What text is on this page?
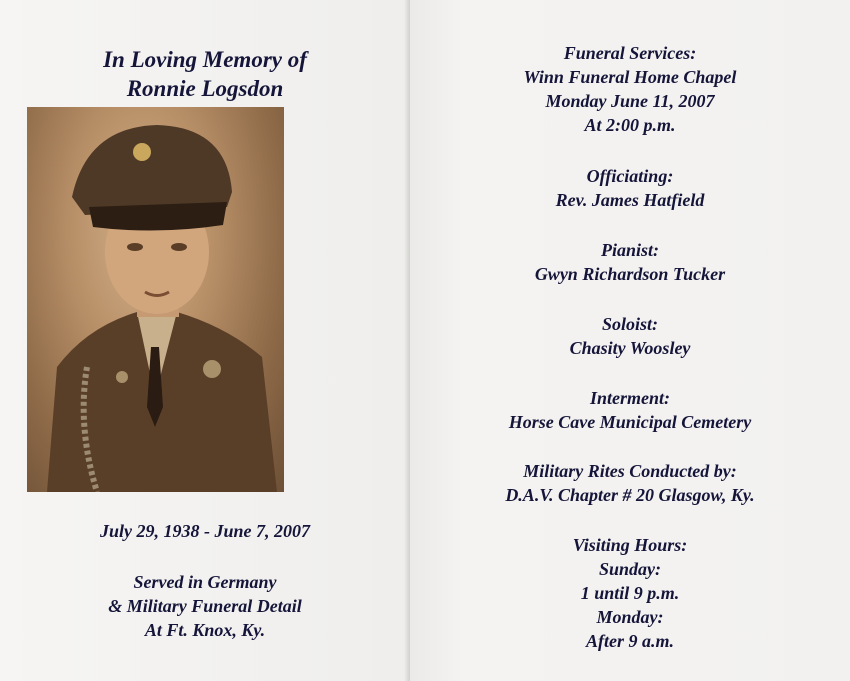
In Loving Memory of

Ronnie Logsdon

July 29, 1938 - June 7, 2007

Served in Germany

& Military Funeral Detail

At Ft. Knox, Ky.

Funeral Services:

Winn Funeral Home Chapel

Monday June 11, 2007

At 2:00 p.m.

Officiating:

Rev. James Hatfield

Pianist:

Gwyn Richardson Tucker

Soloist:

Chasity Woosley

Interment:

Horse Cave Municipal Cemetery

Military Rites Conducted by:

D.A.V. Chapter # 20 Glasgow, Ky.

Visiting Hours:

Sunday:

1 until 9 p.m.

Monday:

After 9 a.m.
